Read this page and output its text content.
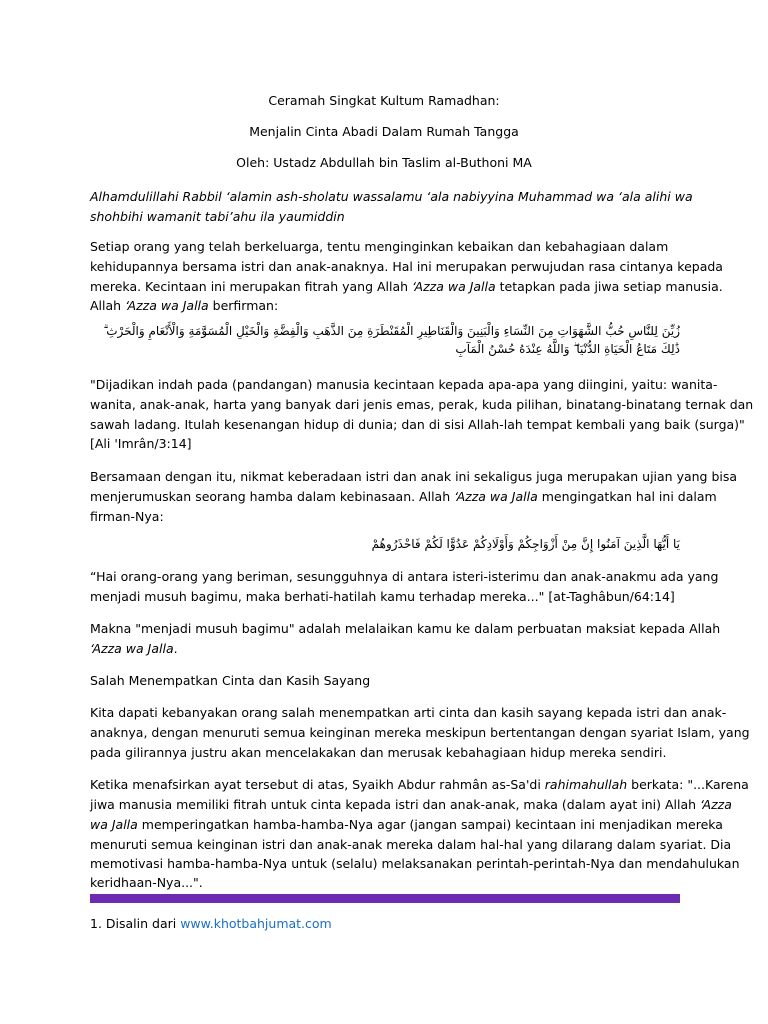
Ceramah Singkat Kultum Ramadhan:
Menjalin Cinta Abadi Dalam Rumah Tangga
Oleh: Ustadz Abdullah bin Taslim al-Buthoni MA
Alhamdulillahi Rabbil ‘alamin ash-sholatu wassalamu ‘ala nabiyyina Muhammad wa ‘ala alihi wa
shohbihi wamanit tabi’ahu ila yaumiddin
Setiap orang yang telah berkeluarga, tentu menginginkan kebaikan dan kebahagiaan dalam
kehidupannya bersama istri dan anak-anaknya. Hal ini merupakan perwujudan rasa cintanya kepada
mereka. Kecintaan ini merupakan fitrah yang Allah ‘Azza wa Jalla tetapkan pada jiwa setiap manusia.
Allah ‘Azza wa Jalla berfirman:
زُيِّنَ لِلنَّاسِ حُبُّ الشَّهَوَاتِ مِنَ النِّسَاءِ وَالْبَنِينَ وَالْقَنَاطِيرِ الْمُقَنْطَرَةِ مِنَ الذَّهَبِ وَالْفِضَّةِ وَالْخَيْلِ الْمُسَوَّمَةِ وَالْأَنْعَامِ وَالْحَرْثِ ۗ ذَٰلِكَ مَتَاعُ الْحَيَاةِ الدُّنْيَا ۖ وَاللَّهُ عِنْدَهُ حُسْنُ الْمَآبِ
"Dijadikan indah pada (pandangan) manusia kecintaan kepada apa-apa yang diingini, yaitu: wanita-
wanita, anak-anak, harta yang banyak dari jenis emas, perak, kuda pilihan, binatang-binatang ternak dan
sawah ladang. Itulah kesenangan hidup di dunia; dan di sisi Allah-lah tempat kembali yang baik (surga)"
[Ali 'Imrân/3:14]
Bersamaan dengan itu, nikmat keberadaan istri dan anak ini sekaligus juga merupakan ujian yang bisa
menjerumuskan seorang hamba dalam kebinasaan. Allah ‘Azza wa Jalla mengingatkan hal ini dalam
firman-Nya:
يَا أَيُّهَا الَّذِينَ آمَنُوا إِنَّ مِنْ أَزْوَاجِكُمْ وَأَوْلَادِكُمْ عَدُوًّا لَكُمْ فَاحْذَرُوهُمْ
“Hai orang-orang yang beriman, sesungguhnya di antara isteri-isterimu dan anak-anakmu ada yang
menjadi musuh bagimu, maka berhati-hatilah kamu terhadap mereka..." [at-Taghâbun/64:14]
Makna "menjadi musuh bagimu" adalah melalaikan kamu ke dalam perbuatan maksiat kepada Allah
‘Azza wa Jalla.
Salah Menempatkan Cinta dan Kasih Sayang
Kita dapati kebanyakan orang salah menempatkan arti cinta dan kasih sayang kepada istri dan anak-
anaknya, dengan menuruti semua keinginan mereka meskipun bertentangan dengan syariat Islam, yang
pada gilirannya justru akan mencelakakan dan merusak kebahagiaan hidup mereka sendiri.
Ketika menafsirkan ayat tersebut di atas, Syaikh Abdur rahmân as-Sa'di rahimahullah berkata: "...Karena
jiwa manusia memiliki fitrah untuk cinta kepada istri dan anak-anak, maka (dalam ayat ini) Allah ‘Azza
wa Jalla memperingatkan hamba-hamba-Nya agar (jangan sampai) kecintaan ini menjadikan mereka
menuruti semua keinginan istri dan anak-anak mereka dalam hal-hal yang dilarang dalam syariat. Dia
memotivasi hamba-hamba-Nya untuk (selalu) melaksanakan perintah-perintah-Nya dan mendahulukan
keridhaan-Nya...".
1. Disalin dari www.khotbahjumat.com
